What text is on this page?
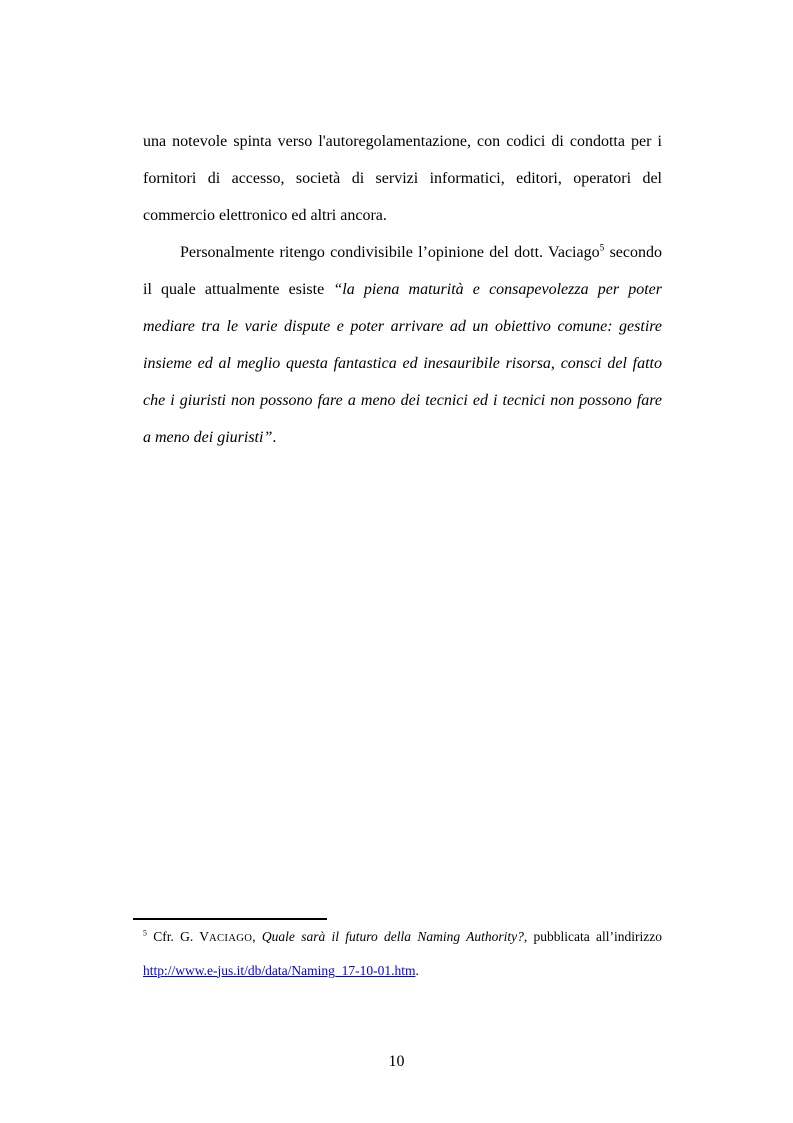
una notevole spinta verso l'autoregolamentazione, con codici di condotta per i
fornitori di accesso, società di servizi informatici, editori, operatori del
commercio elettronico ed altri ancora.
Personalmente ritengo condivisibile l’opinione del dott. Vaciago$^5$ secondo
il quale attualmente esiste “la piena maturità e consapevolezza per poter
mediare tra le varie dispute e poter arrivare ad un obiettivo comune: gestire
insieme ed al meglio questa fantastica ed inesauribile risorsa, consci del fatto
che i giuristi non possono fare a meno dei tecnici ed i tecnici non possono fare
a meno dei giuristi”.
$^5$ Cfr. G. VACIAGO, Quale sarà il futuro della Naming Authority?, pubblicata all’indirizzo
http://www.e-jus.it/db/data/Naming_17-10-01.htm.
10
